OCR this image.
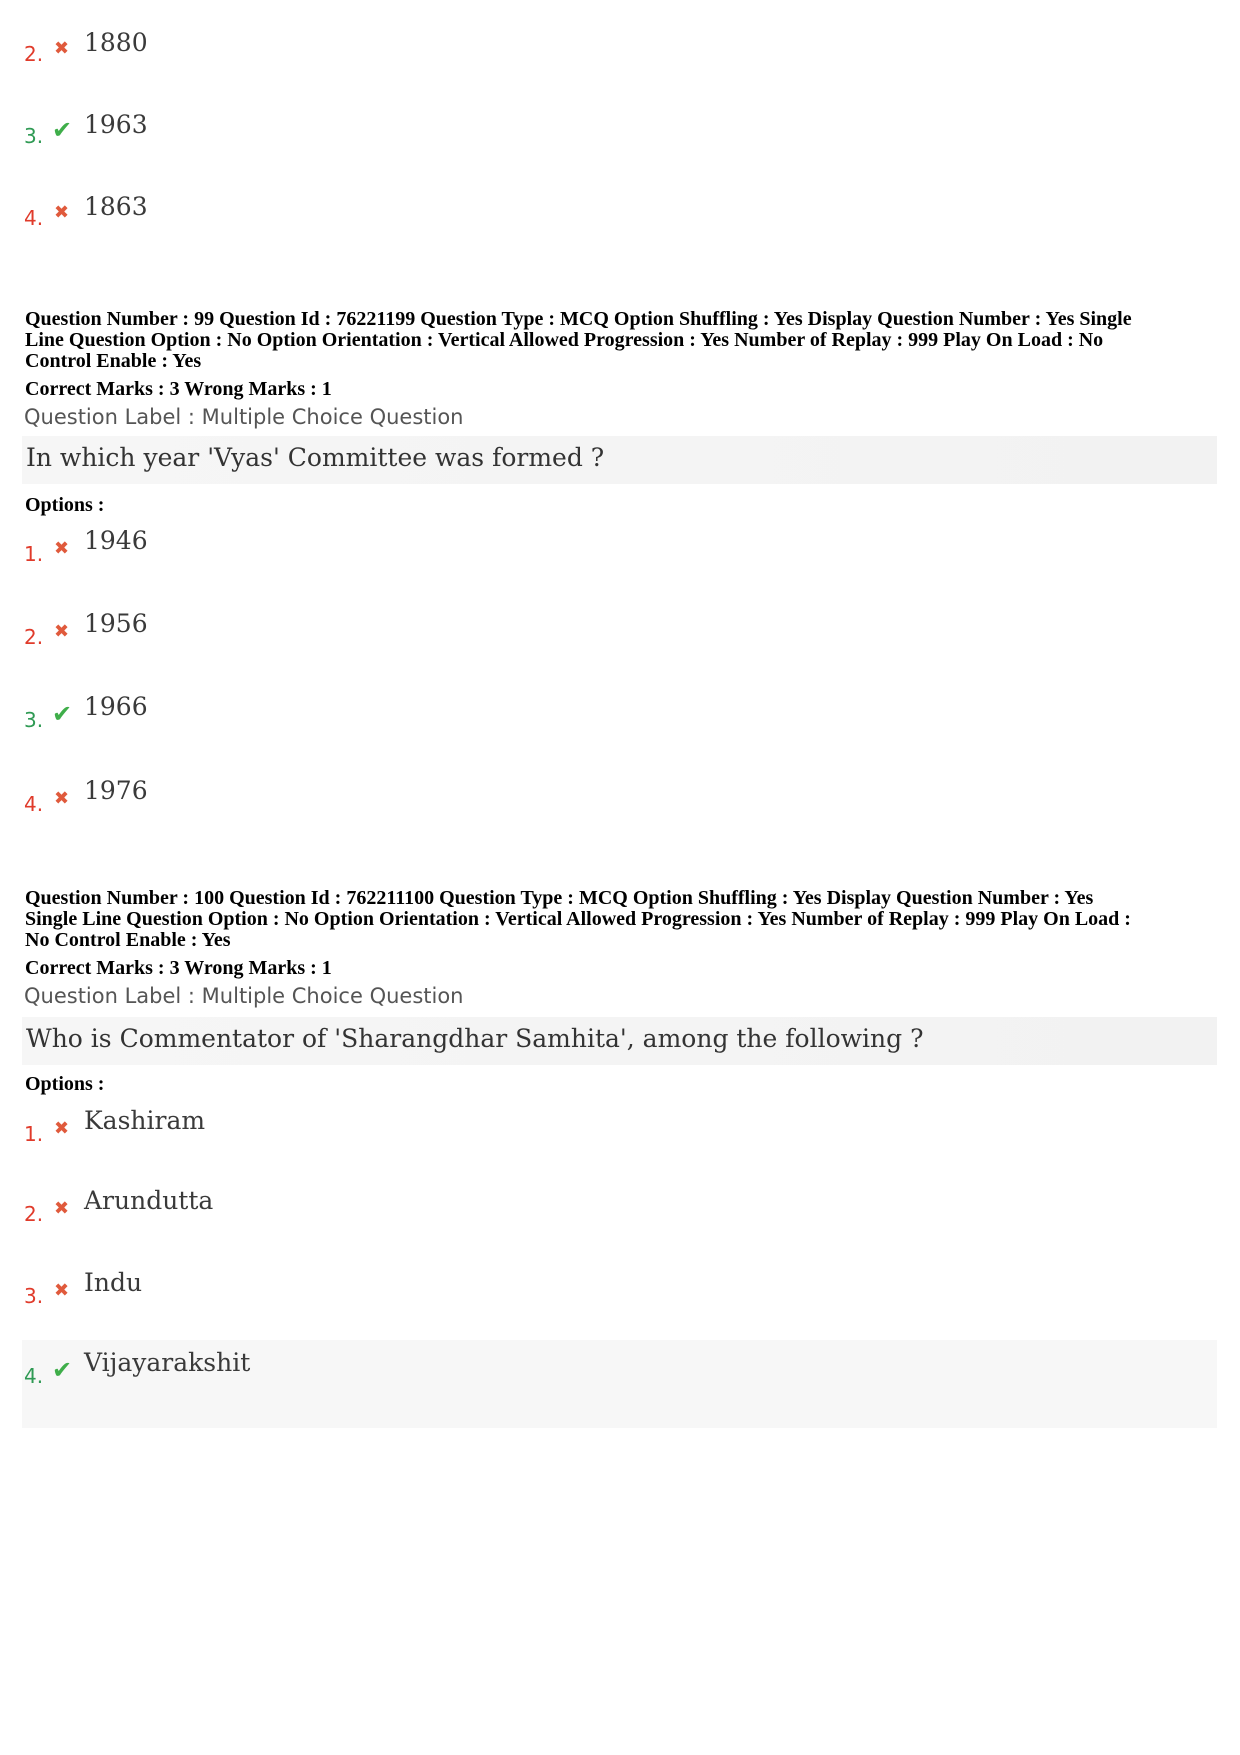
2. ✖ 1880
3. ✔ 1963
4. ✖ 1863
Question Number : 99 Question Id : 76221199 Question Type : MCQ Option Shuffling : Yes Display Question Number : Yes Single
Line Question Option : No Option Orientation : Vertical Allowed Progression : Yes Number of Replay : 999 Play On Load : No
Control Enable : Yes
Correct Marks : 3 Wrong Marks : 1
Question Label : Multiple Choice Question
In which year 'Vyas' Committee was formed ?
Options :
1. ✖ 1946
2. ✖ 1956
3. ✔ 1966
4. ✖ 1976
Question Number : 100 Question Id : 762211100 Question Type : MCQ Option Shuffling : Yes Display Question Number : Yes
Single Line Question Option : No Option Orientation : Vertical Allowed Progression : Yes Number of Replay : 999 Play On Load :
No Control Enable : Yes
Correct Marks : 3 Wrong Marks : 1
Question Label : Multiple Choice Question
Who is Commentator of 'Sharangdhar Samhita', among the following ?
Options :
1. ✖ Kashiram
2. ✖ Arundutta
3. ✖ Indu
4. ✔ Vijayarakshit
